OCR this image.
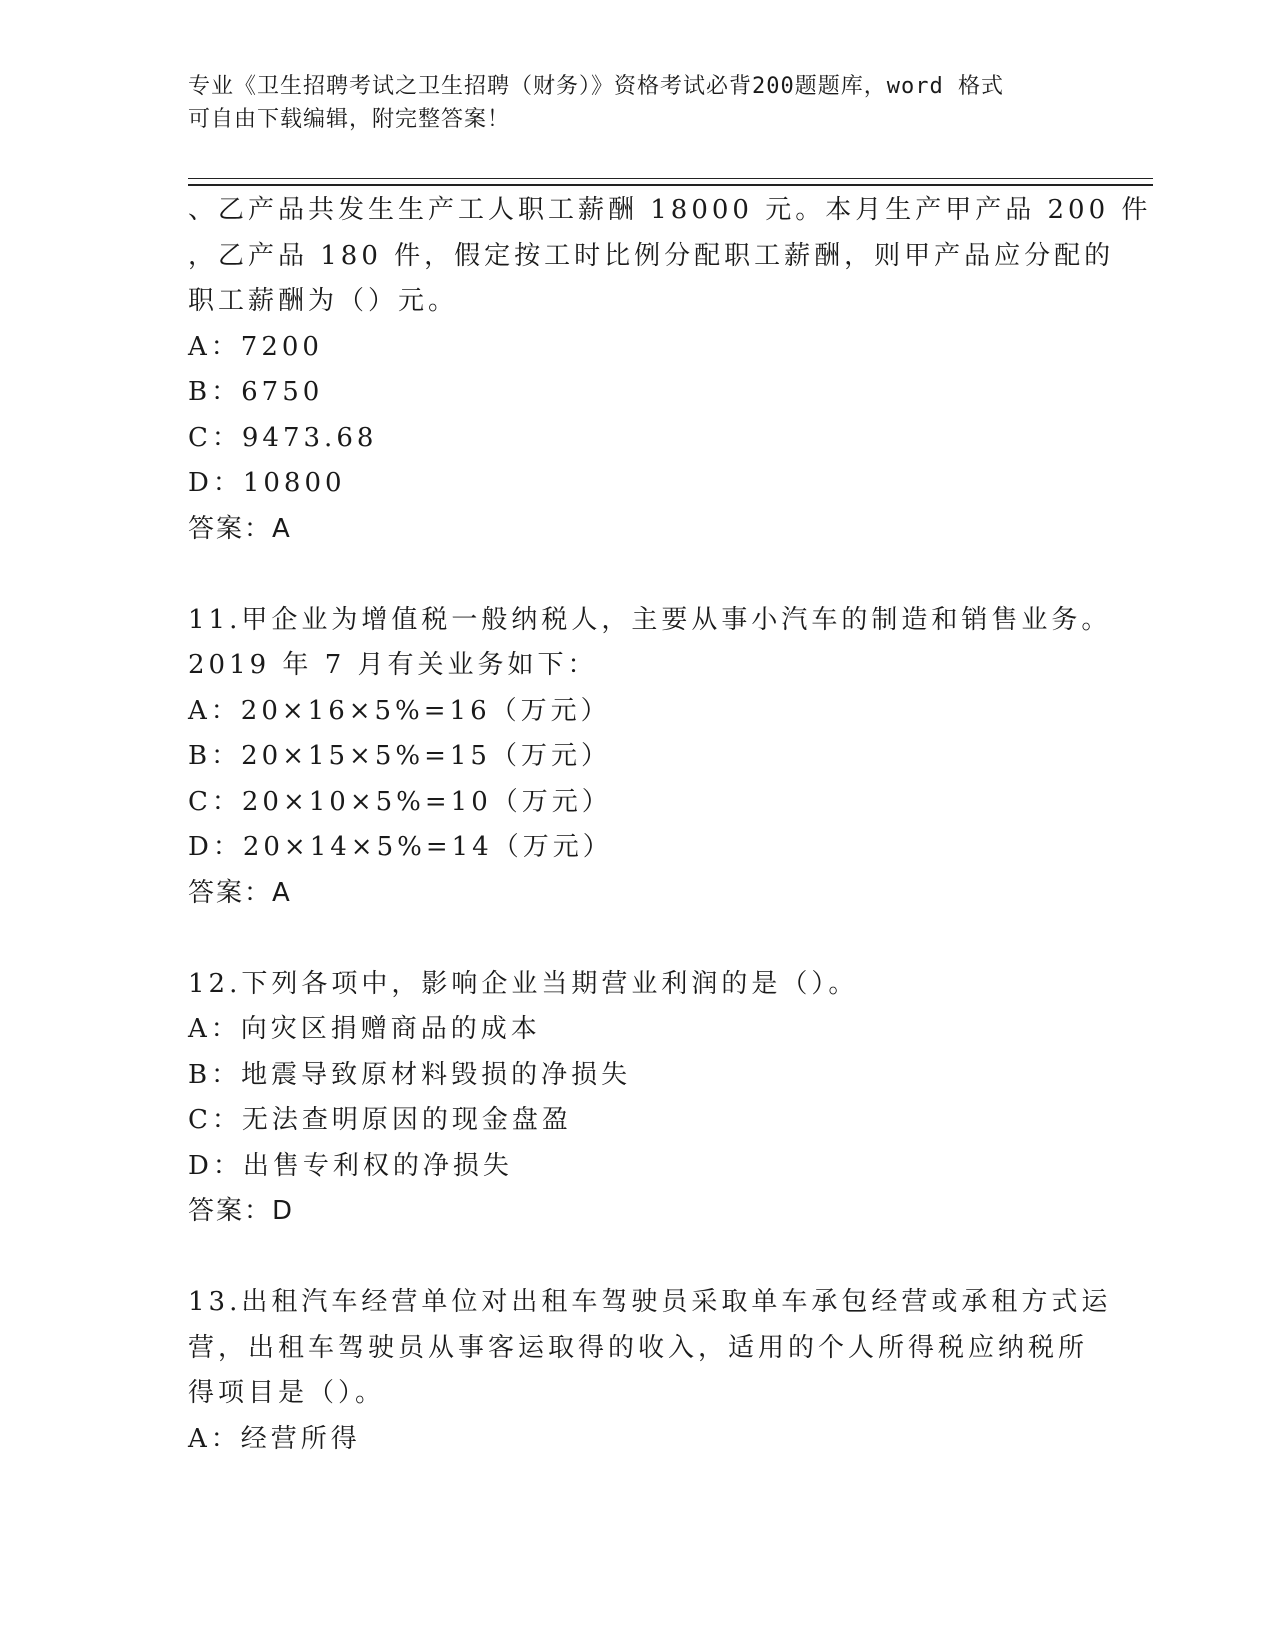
专业《卫生招聘考试之卫生招聘（财务）》资格考试必背200题题库，word 格式
可自由下载编辑，附完整答案！
、乙产品共发生生产工人职工薪酬 18000 元。本月生产甲产品 200 件
，乙产品 180 件，假定按工时比例分配职工薪酬，则甲产品应分配的
职工薪酬为（）元。
A：7200
B：6750
C：9473.68
D：10800
答案：A
11.甲企业为增值税一般纳税人，主要从事小汽车的制造和销售业务。
2019 年 7 月有关业务如下：
A：20×16×5%=16（万元）
B：20×15×5%=15（万元）
C：20×10×5%=10（万元）
D：20×14×5%=14（万元）
答案：A
12.下列各项中，影响企业当期营业利润的是（）。
A：向灾区捐赠商品的成本
B：地震导致原材料毁损的净损失
C：无法查明原因的现金盘盈
D：出售专利权的净损失
答案：D
13.出租汽车经营单位对出租车驾驶员采取单车承包经营或承租方式运
营，出租车驾驶员从事客运取得的收入，适用的个人所得税应纳税所
得项目是（）。
A：经营所得
